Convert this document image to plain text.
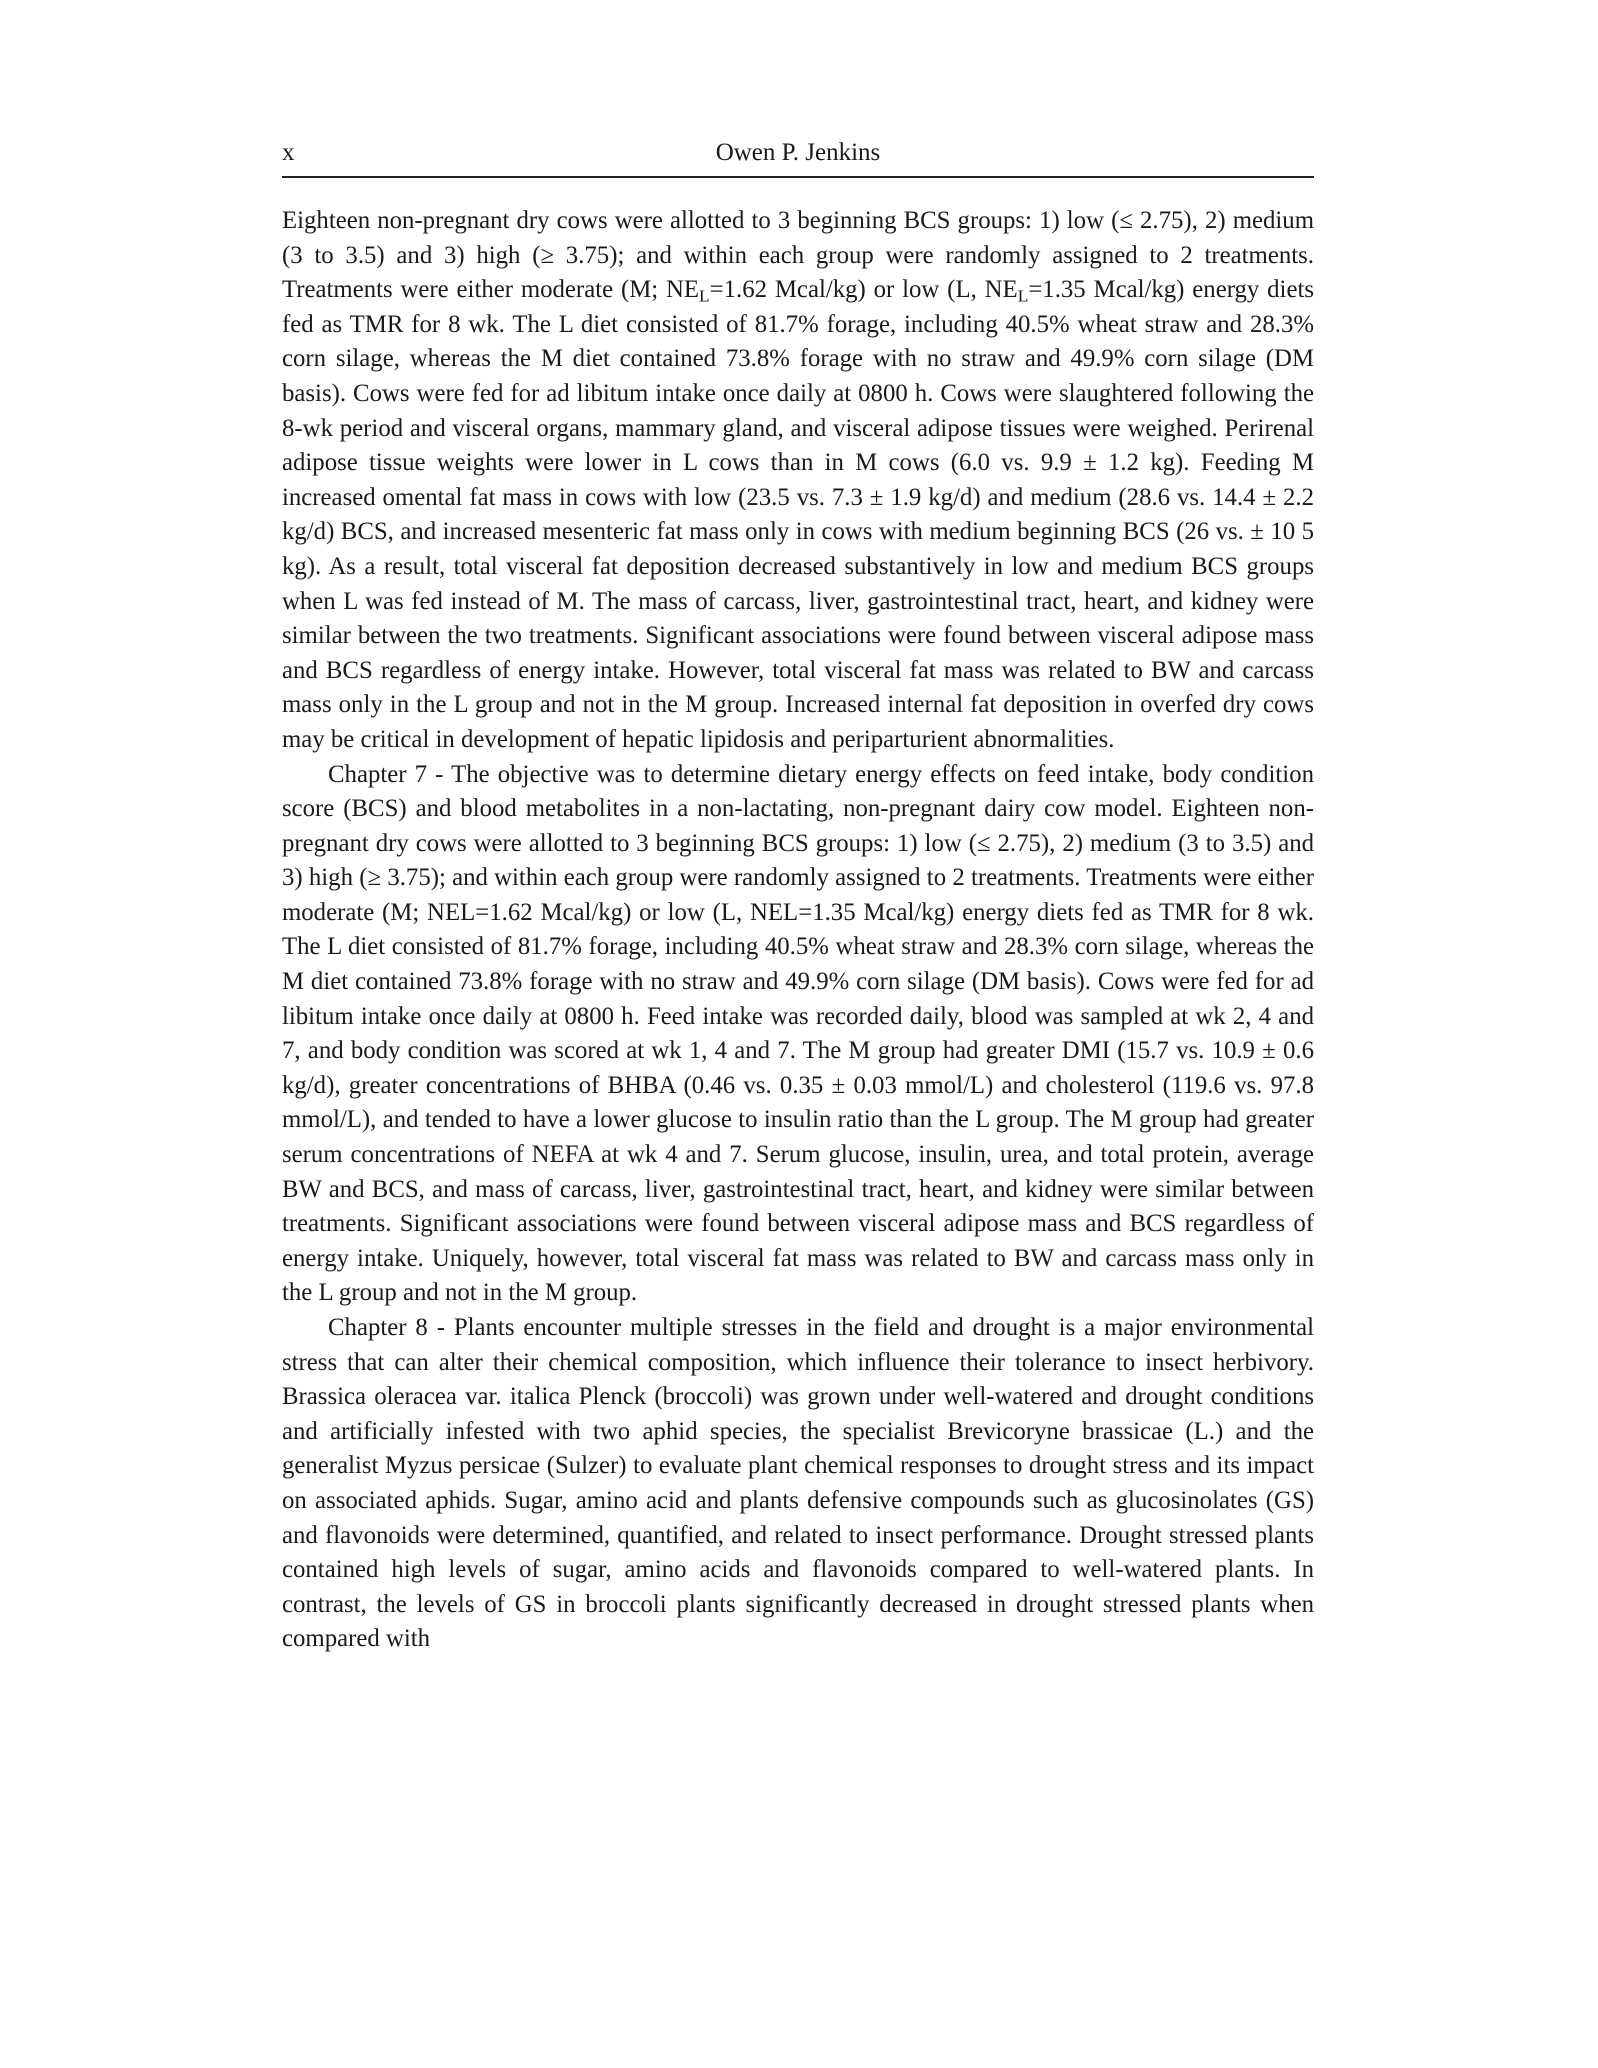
x	Owen P. Jenkins

Eighteen non-pregnant dry cows were allotted to 3 beginning BCS groups: 1) low (≤ 2.75), 2) medium (3 to 3.5) and 3) high (≥ 3.75); and within each group were randomly assigned to 2 treatments. Treatments were either moderate (M; $NE_L=1.62$ Mcal/kg) or low (L, $NE_L=1.35$ Mcal/kg) energy diets fed as TMR for 8 wk. The L diet consisted of 81.7% forage, including 40.5% wheat straw and 28.3% corn silage, whereas the M diet contained 73.8% forage with no straw and 49.9% corn silage (DM basis). Cows were fed for ad libitum intake once daily at 0800 h. Cows were slaughtered following the 8-wk period and visceral organs, mammary gland, and visceral adipose tissues were weighed. Perirenal adipose tissue weights were lower in L cows than in M cows (6.0 vs. 9.9 ± 1.2 kg). Feeding M increased omental fat mass in cows with low (23.5 vs. 7.3 ± 1.9 kg/d) and medium (28.6 vs. 14.4 ± 2.2 kg/d) BCS, and increased mesenteric fat mass only in cows with medium beginning BCS (26 vs. ± 10 5 kg). As a result, total visceral fat deposition decreased substantively in low and medium BCS groups when L was fed instead of M. The mass of carcass, liver, gastrointestinal tract, heart, and kidney were similar between the two treatments. Significant associations were found between visceral adipose mass and BCS regardless of energy intake. However, total visceral fat mass was related to BW and carcass mass only in the L group and not in the M group. Increased internal fat deposition in overfed dry cows may be critical in development of hepatic lipidosis and periparturient abnormalities.

Chapter 7 - The objective was to determine dietary energy effects on feed intake, body condition score (BCS) and blood metabolites in a non-lactating, non-pregnant dairy cow model. Eighteen non-pregnant dry cows were allotted to 3 beginning BCS groups: 1) low (≤ 2.75), 2) medium (3 to 3.5) and 3) high (≥ 3.75); and within each group were randomly assigned to 2 treatments. Treatments were either moderate (M; NEL=1.62 Mcal/kg) or low (L, NEL=1.35 Mcal/kg) energy diets fed as TMR for 8 wk. The L diet consisted of 81.7% forage, including 40.5% wheat straw and 28.3% corn silage, whereas the M diet contained 73.8% forage with no straw and 49.9% corn silage (DM basis). Cows were fed for ad libitum intake once daily at 0800 h. Feed intake was recorded daily, blood was sampled at wk 2, 4 and 7, and body condition was scored at wk 1, 4 and 7. The M group had greater DMI (15.7 vs. 10.9 ± 0.6 kg/d), greater concentrations of BHBA (0.46 vs. 0.35 ± 0.03 mmol/L) and cholesterol (119.6 vs. 97.8 mmol/L), and tended to have a lower glucose to insulin ratio than the L group. The M group had greater serum concentrations of NEFA at wk 4 and 7. Serum glucose, insulin, urea, and total protein, average BW and BCS, and mass of carcass, liver, gastrointestinal tract, heart, and kidney were similar between treatments. Significant associations were found between visceral adipose mass and BCS regardless of energy intake. Uniquely, however, total visceral fat mass was related to BW and carcass mass only in the L group and not in the M group.

Chapter 8 - Plants encounter multiple stresses in the field and drought is a major environmental stress that can alter their chemical composition, which influence their tolerance to insect herbivory. Brassica oleracea var. italica Plenck (broccoli) was grown under well-watered and drought conditions and artificially infested with two aphid species, the specialist Brevicoryne brassicae (L.) and the generalist Myzus persicae (Sulzer) to evaluate plant chemical responses to drought stress and its impact on associated aphids. Sugar, amino acid and plants defensive compounds such as glucosinolates (GS) and flavonoids were determined, quantified, and related to insect performance. Drought stressed plants contained high levels of sugar, amino acids and flavonoids compared to well-watered plants. In contrast, the levels of GS in broccoli plants significantly decreased in drought stressed plants when compared with
